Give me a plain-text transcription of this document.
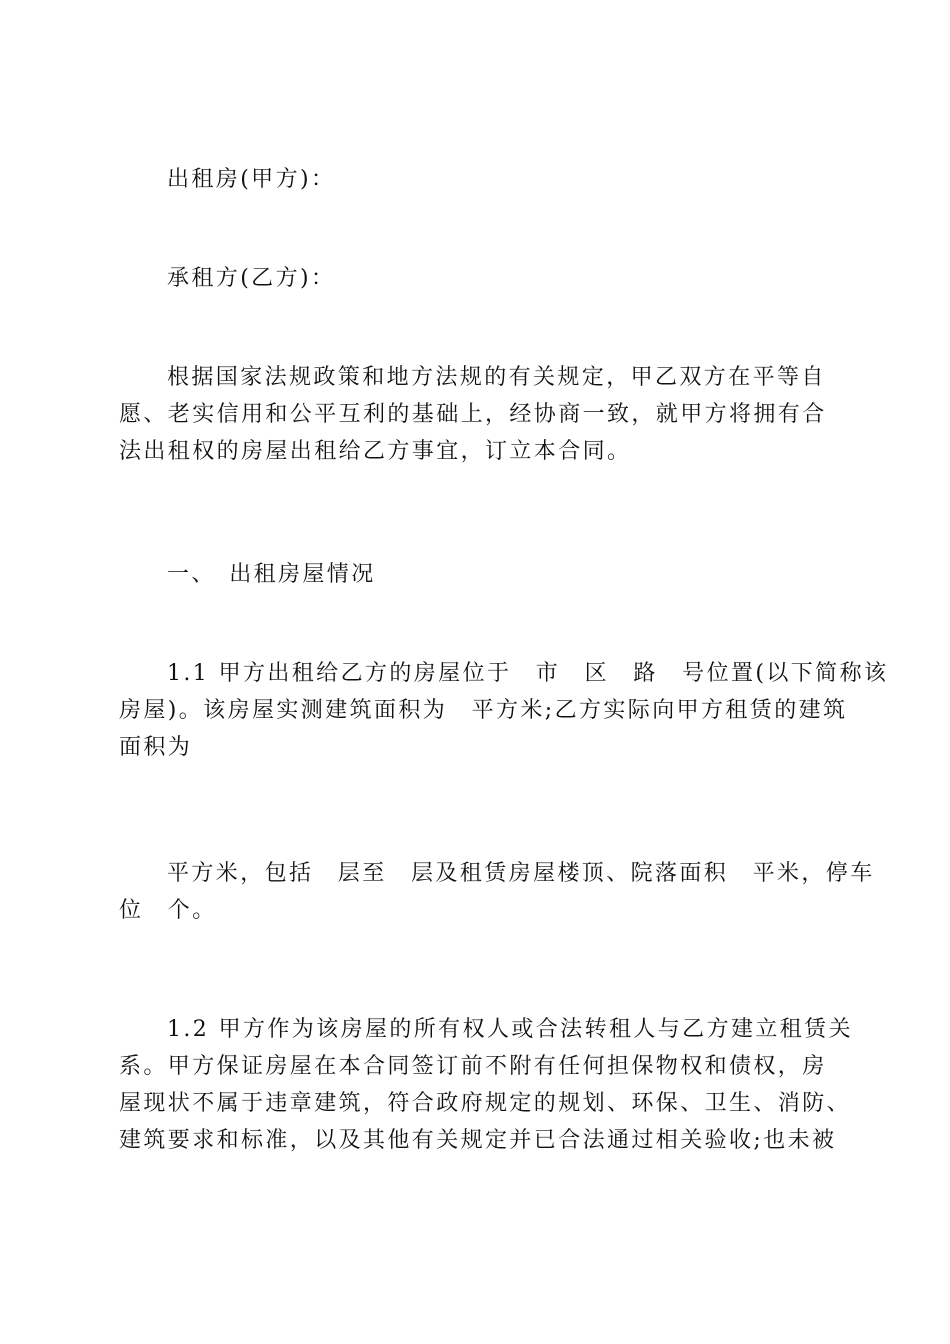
出租房(甲方)：

承租方(乙方)：

根据国家法规政策和地方法规的有关规定，甲乙双方在平等自
愿、老实信用和公平互利的基础上，经协商一致，就甲方将拥有合
法出租权的房屋出租给乙方事宜，订立本合同。

一、　出租房屋情况

1.1 甲方出租给乙方的房屋位于　市　区　路　号位置(以下简称该
房屋)。该房屋实测建筑面积为　平方米;乙方实际向甲方租赁的建筑
面积为
平方米，包括　层至　层及租赁房屋楼顶、院落面积　平米，停车
位　个。
1.2 甲方作为该房屋的所有权人或合法转租人与乙方建立租赁关
系。甲方保证房屋在本合同签订前不附有任何担保物权和债权，房
屋现状不属于违章建筑，符合政府规定的规划、环保、卫生、消防、
建筑要求和标准，以及其他有关规定并已合法通过相关验收;也未被
